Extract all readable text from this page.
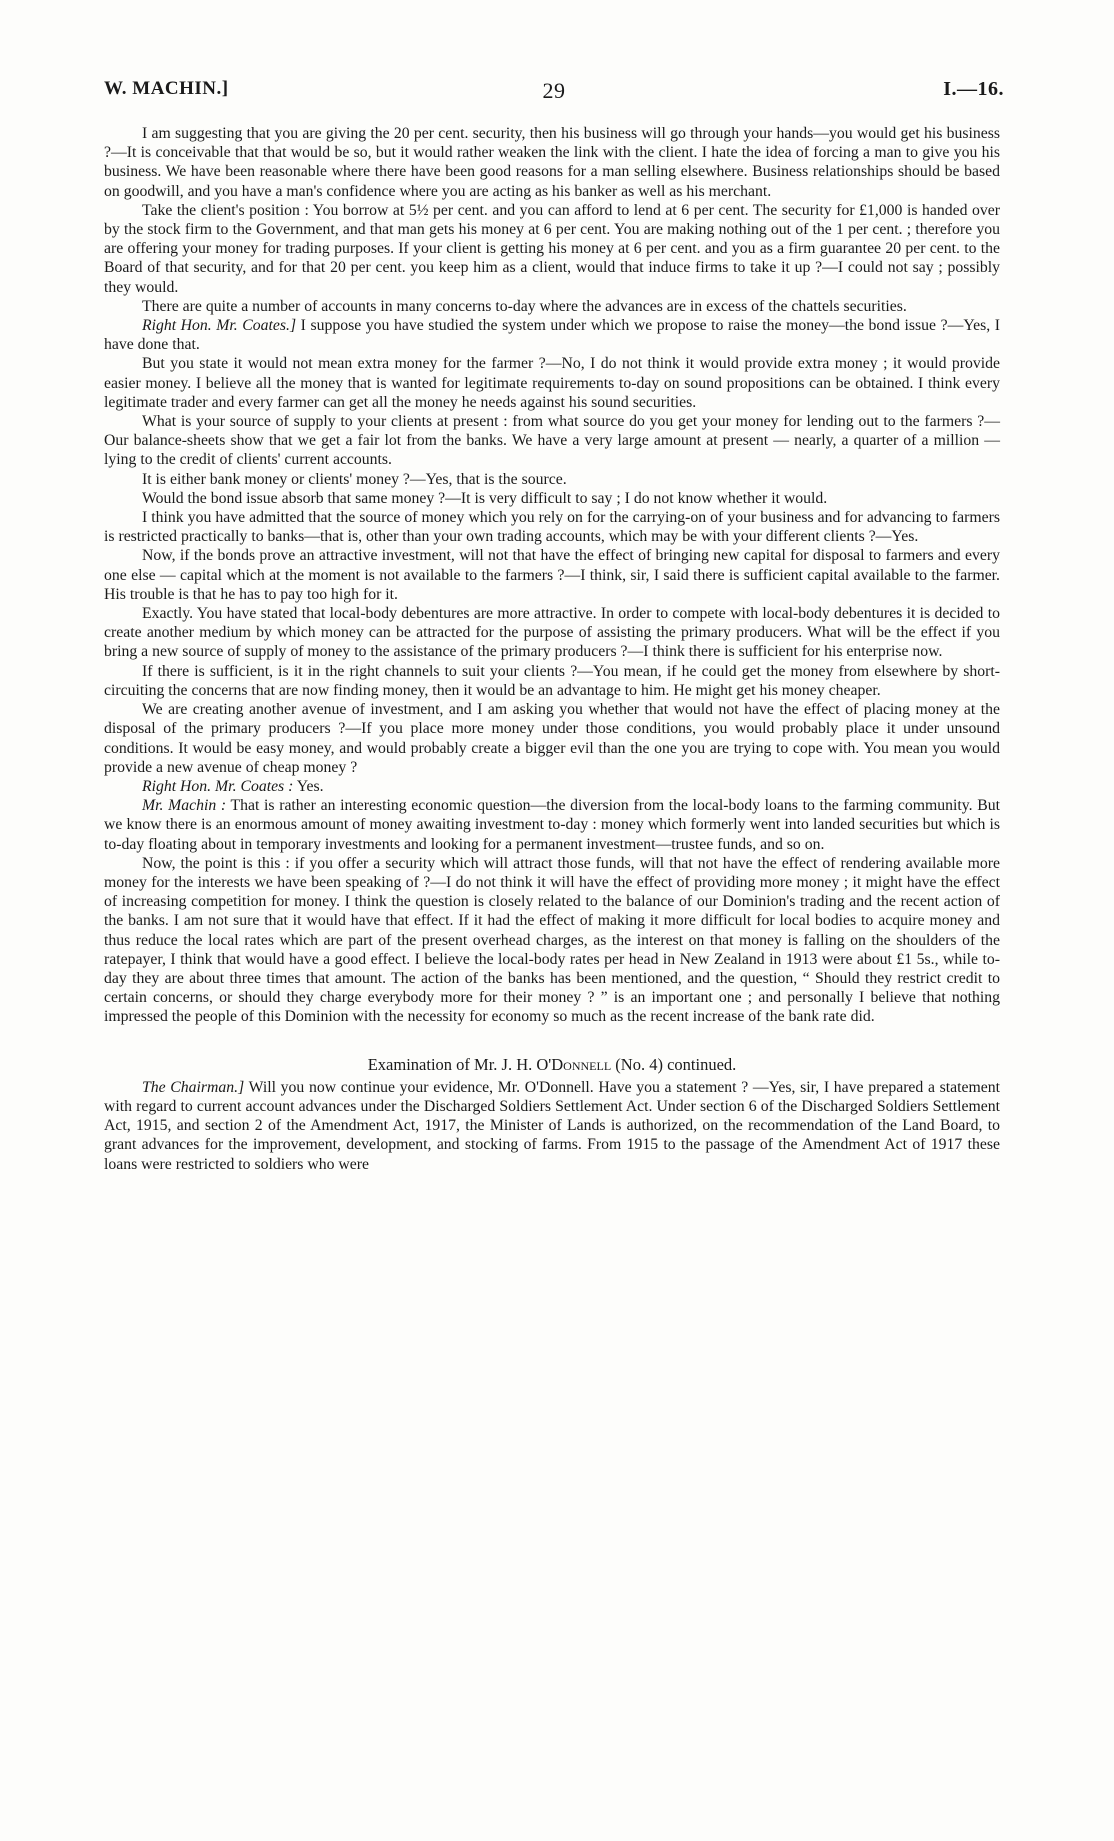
W. MACHIN.]	29	I.—16.

I am suggesting that you are giving the 20 per cent. security, then his business will go through your hands—you would get his business ?—It is conceivable that that would be so, but it would rather weaken the link with the client. I hate the idea of forcing a man to give you his business. We have been reasonable where there have been good reasons for a man selling elsewhere. Business relationships should be based on goodwill, and you have a man's confidence where you are acting as his banker as well as his merchant.

Take the client's position : You borrow at 5½ per cent. and you can afford to lend at 6 per cent. The security for £1,000 is handed over by the stock firm to the Government, and that man gets his money at 6 per cent. You are making nothing out of the 1 per cent. ; therefore you are offering your money for trading purposes. If your client is getting his money at 6 per cent. and you as a firm guarantee 20 per cent. to the Board of that security, and for that 20 per cent. you keep him as a client, would that induce firms to take it up ?—I could not say ; possibly they would.

There are quite a number of accounts in many concerns to-day where the advances are in excess of the chattels securities.

Right Hon. Mr. Coates.] I suppose you have studied the system under which we propose to raise the money—the bond issue ?—Yes, I have done that.

But you state it would not mean extra money for the farmer ?—No, I do not think it would provide extra money ; it would provide easier money. I believe all the money that is wanted for legitimate requirements to-day on sound propositions can be obtained. I think every legitimate trader and every farmer can get all the money he needs against his sound securities.

What is your source of supply to your clients at present : from what source do you get your money for lending out to the farmers ?—Our balance-sheets show that we get a fair lot from the banks. We have a very large amount at present — nearly, a quarter of a million — lying to the credit of clients' current accounts.

It is either bank money or clients' money ?—Yes, that is the source.

Would the bond issue absorb that same money ?—It is very difficult to say ; I do not know whether it would.

I think you have admitted that the source of money which you rely on for the carrying-on of your business and for advancing to farmers is restricted practically to banks—that is, other than your own trading accounts, which may be with your different clients ?—Yes.

Now, if the bonds prove an attractive investment, will not that have the effect of bringing new capital for disposal to farmers and every one else — capital which at the moment is not available to the farmers ?—I think, sir, I said there is sufficient capital available to the farmer. His trouble is that he has to pay too high for it.

Exactly. You have stated that local-body debentures are more attractive. In order to compete with local-body debentures it is decided to create another medium by which money can be attracted for the purpose of assisting the primary producers. What will be the effect if you bring a new source of supply of money to the assistance of the primary producers ?—I think there is sufficient for his enterprise now.

If there is sufficient, is it in the right channels to suit your clients ?—You mean, if he could get the money from elsewhere by short-circuiting the concerns that are now finding money, then it would be an advantage to him. He might get his money cheaper.

We are creating another avenue of investment, and I am asking you whether that would not have the effect of placing money at the disposal of the primary producers ?—If you place more money under those conditions, you would probably place it under unsound conditions. It would be easy money, and would probably create a bigger evil than the one you are trying to cope with. You mean you would provide a new avenue of cheap money ?

Right Hon. Mr. Coates : Yes.

Mr. Machin : That is rather an interesting economic question—the diversion from the local-body loans to the farming community. But we know there is an enormous amount of money awaiting investment to-day : money which formerly went into landed securities but which is to-day floating about in temporary investments and looking for a permanent investment—trustee funds, and so on.

Now, the point is this : if you offer a security which will attract those funds, will that not have the effect of rendering available more money for the interests we have been speaking of ?—I do not think it will have the effect of providing more money ; it might have the effect of increasing competition for money. I think the question is closely related to the balance of our Dominion's trading and the recent action of the banks. I am not sure that it would have that effect. If it had the effect of making it more difficult for local bodies to acquire money and thus reduce the local rates which are part of the present overhead charges, as the interest on that money is falling on the shoulders of the ratepayer, I think that would have a good effect. I believe the local-body rates per head in New Zealand in 1913 were about £1 5s., while to-day they are about three times that amount. The action of the banks has been mentioned, and the question, “ Should they restrict credit to certain concerns, or should they charge everybody more for their money ? ” is an important one ; and personally I believe that nothing impressed the people of this Dominion with the necessity for economy so much as the recent increase of the bank rate did.

Examination of Mr. J. H. O'Donnell (No. 4) continued.

The Chairman.] Will you now continue your evidence, Mr. O'Donnell. Have you a statement ? —Yes, sir, I have prepared a statement with regard to current account advances under the Discharged Soldiers Settlement Act. Under section 6 of the Discharged Soldiers Settlement Act, 1915, and section 2 of the Amendment Act, 1917, the Minister of Lands is authorized, on the recommendation of the Land Board, to grant advances for the improvement, development, and stocking of farms. From 1915 to the passage of the Amendment Act of 1917 these loans were restricted to soldiers who were
